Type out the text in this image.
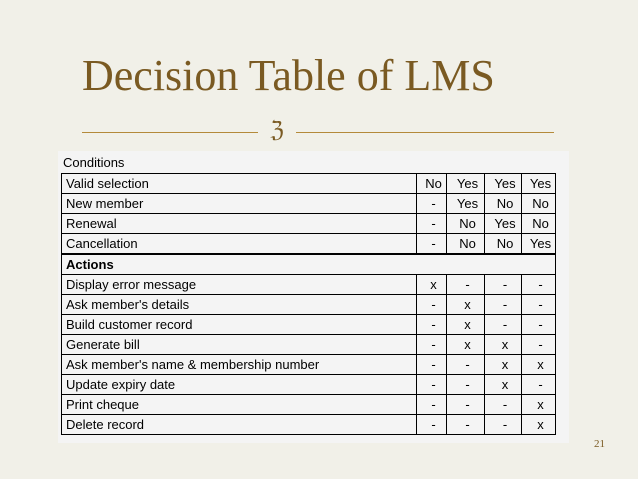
Decision Table of LMS
ℨ
Conditions
Valid selection	No	Yes	Yes	Yes
New member	-	Yes	No	No
Renewal	-	No	Yes	No
Cancellation	-	No	No	Yes
Actions				
Display error message	x	-	-	-
Ask member's details	-	x	-	-
Build customer record	-	x	-	-
Generate bill	-	x	x	-
Ask member's name & membership number	-	-	x	x
Update expiry date	-	-	x	-
Print cheque	-	-	-	x
Delete record	-	-	-	x
21
